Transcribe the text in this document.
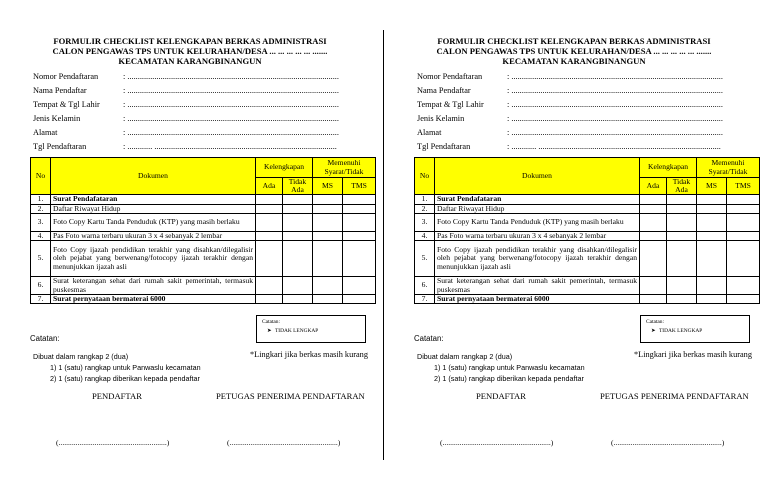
FORMULIR CHECKLIST KELENGKAPAN BERKAS ADMINISTRASI
CALON PENGAWAS TPS UNTUK KELURAHAN/DESA ... ... ... ... ... .......
KECAMATAN KARANGBINANGUN
Nomor Pendaftaran	: ......................................................................................................
Nama Pendaftar	: ......................................................................................................
Tempat & Tgl Lahir	: ......................................................................................................
Jenis Kelamin	: ......................................................................................................
Alamat	: ......................................................................................................
Tgl Pendaftaran	: ............ ........................................................................................
No	Dokumen	Kelengkapan		Memenuhi Syarat/Tidak	
		Ada	Tidak Ada	MS	TMS
1.	Surat Pendafataran				
2.	Daftar Riwayat Hidup				
3.	Foto Copy Kartu Tanda Penduduk (KTP) yang masih berlaku				
4.	Pas Foto warna terbaru ukuran 3 x 4 sebanyak 2 lembar				
5.	Foto Copy ijazah pendidikan terakhir yang disahkan/dilegalisir oleh pejabat yang berwenang/fotocopy ijazah terakhir dengan menunjukkan ijazah asli				
6.	Surat keterangan sehat dari rumah sakit pemerintah, termasuk puskesmas				
7.	Surat pernyataan bermaterai 6000				
Catatan:
➤ TIDAK LENGKAP
Catatan:
Dibuat dalam rangkap 2 (dua)	*Lingkari jika berkas masih kurang
1) 1 (satu) rangkap untuk Panwaslu kecamatan
2) 1 (satu) rangkap diberikan kepada pendaftar
PENDAFTAR	PETUGAS PENERIMA PENDAFTARAN
(.........................................................)	(.........................................................)
FORMULIR CHECKLIST KELENGKAPAN BERKAS ADMINISTRASI
CALON PENGAWAS TPS UNTUK KELURAHAN/DESA ... ... ... ... ... .......
KECAMATAN KARANGBINANGUN
Nomor Pendaftaran	: ......................................................................................................
Nama Pendaftar	: ......................................................................................................
Tempat & Tgl Lahir	: ......................................................................................................
Jenis Kelamin	: ......................................................................................................
Alamat	: ......................................................................................................
Tgl Pendaftaran	: ............ ........................................................................................
No	Dokumen	Kelengkapan		Memenuhi Syarat/Tidak	
		Ada	Tidak Ada	MS	TMS
1.	Surat Pendafataran				
2.	Daftar Riwayat Hidup				
3.	Foto Copy Kartu Tanda Penduduk (KTP) yang masih berlaku				
4.	Pas Foto warna terbaru ukuran 3 x 4 sebanyak 2 lembar				
5.	Foto Copy ijazah pendidikan terakhir yang disahkan/dilegalisir oleh pejabat yang berwenang/fotocopy ijazah terakhir dengan menunjukkan ijazah asli				
6.	Surat keterangan sehat dari rumah sakit pemerintah, termasuk puskesmas				
7.	Surat pernyataan bermaterai 6000				
Catatan:
➤ TIDAK LENGKAP
Catatan:
Dibuat dalam rangkap 2 (dua)	*Lingkari jika berkas masih kurang
1) 1 (satu) rangkap untuk Panwaslu kecamatan
2) 1 (satu) rangkap diberikan kepada pendaftar
PENDAFTAR	PETUGAS PENERIMA PENDAFTARAN
(.........................................................)	(.........................................................)
